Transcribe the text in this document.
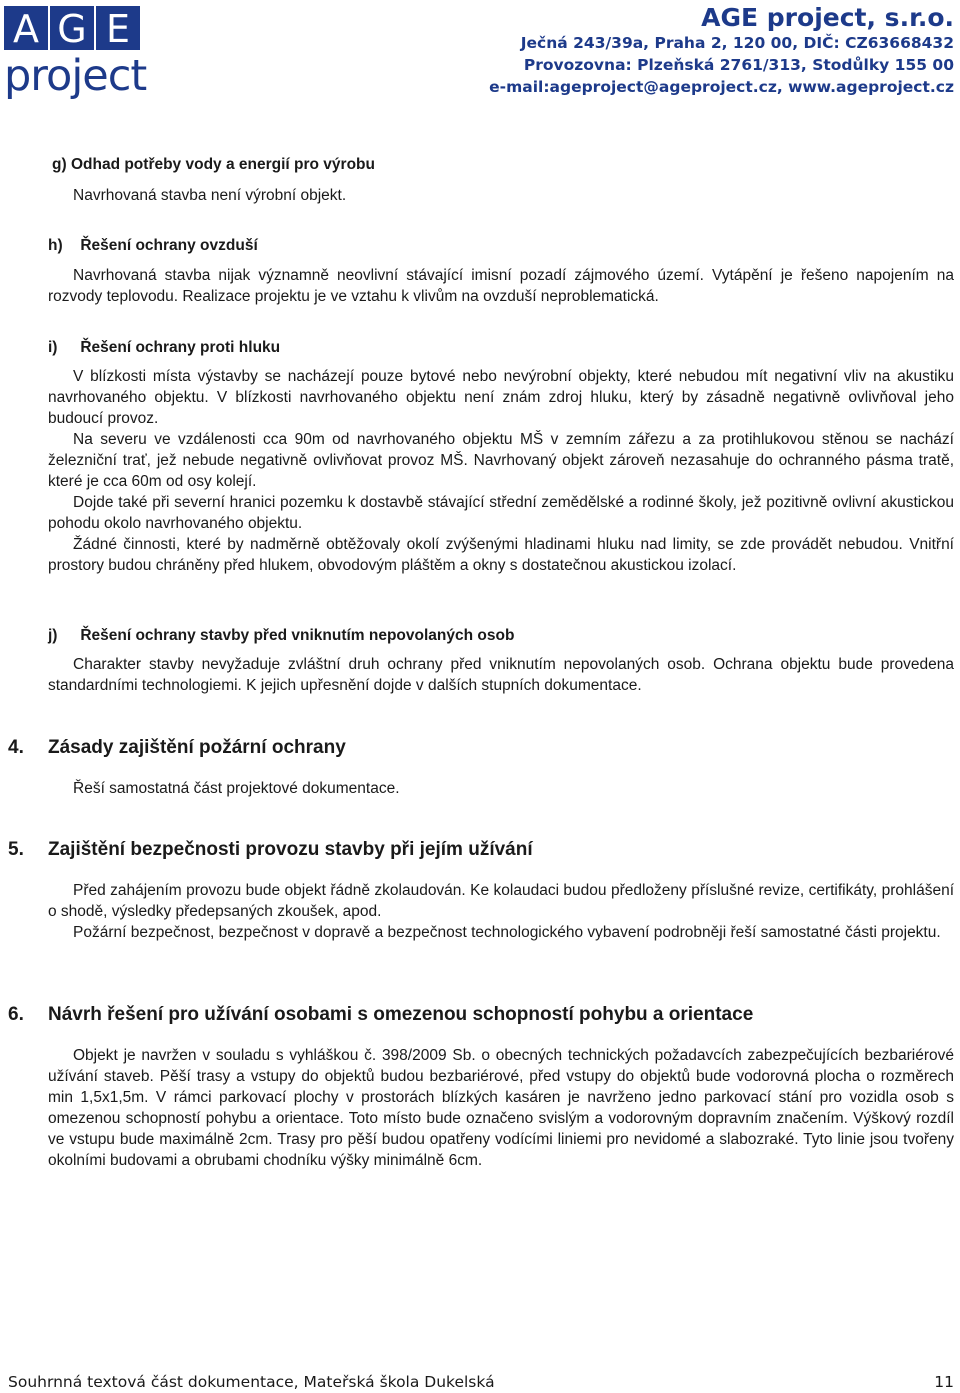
A G E
project
AGE project, s.r.o.
Ječná 243/39a, Praha 2, 120 00, DIČ: CZ63668432
Provozovna: Plzeňská 2761/313, Stodůlky 155 00
e-mail:ageproject@ageproject.cz, www.ageproject.cz
g) Odhad potřeby vody a energií pro výrobu

Navrhovaná stavba není výrobní objekt.

h) Řešení ochrany ovzduší

Navrhovaná stavba nijak významně neovlivní stávající imisní pozadí zájmového území. Vytápění je řešeno napojením na rozvody teplovodu. Realizace projektu je ve vztahu k vlivům na ovzduší neproblematická.

i) Řešení ochrany proti hluku

V blízkosti místa výstavby se nacházejí pouze bytové nebo nevýrobní objekty, které nebudou mít negativní vliv na akustiku navrhovaného objektu. V blízkosti navrhovaného objektu není znám zdroj hluku, který by zásadně negativně ovlivňoval jeho budoucí provoz.

Na severu ve vzdálenosti cca 90m od navrhovaného objektu MŠ v zemním zářezu a za protihlukovou stěnou se nachází železniční trať, jež nebude negativně ovlivňovat provoz MŠ. Navrhovaný objekt zároveň nezasahuje do ochranného pásma tratě, které je cca 60m od osy kolejí.

Dojde také při severní hranici pozemku k dostavbě stávající střední zemědělské a rodinné školy, jež pozitivně ovlivní akustickou pohodu okolo navrhovaného objektu.

Žádné činnosti, které by nadměrně obtěžovaly okolí zvýšenými hladinami hluku nad limity, se zde provádět nebudou. Vnitřní prostory budou chráněny před hlukem, obvodovým pláštěm a okny s dostatečnou akustickou izolací.

j) Řešení ochrany stavby před vniknutím nepovolaných osob

Charakter stavby nevyžaduje zvláštní druh ochrany před vniknutím nepovolaných osob. Ochrana objektu bude provedena standardními technologiemi. K jejich upřesnění dojde v dalších stupních dokumentace.

4. Zásady zajištění požární ochrany

Řeší samostatná část projektové dokumentace.

5. Zajištění bezpečnosti provozu stavby při jejím užívání

Před zahájením provozu bude objekt řádně zkolaudován. Ke kolaudaci budou předloženy příslušné revize, certifikáty, prohlášení o shodě, výsledky předepsaných zkoušek, apod.

Požární bezpečnost, bezpečnost v dopravě a bezpečnost technologického vybavení podrobněji řeší samostatné části projektu.

6. Návrh řešení pro užívání osobami s omezenou schopností pohybu a orientace

Objekt je navržen v souladu s vyhláškou č. 398/2009 Sb. o obecných technických požadavcích zabezpečujících bezbariérové užívání staveb. Pěší trasy a vstupy do objektů budou bezbariérové, před vstupy do objektů bude vodorovná plocha o rozměrech min 1,5x1,5m. V rámci parkovací plochy v prostorách blízkých kasáren je navrženo jedno parkovací stání pro vozidla osob s omezenou schopností pohybu a orientace. Toto místo bude označeno svislým a vodorovným dopravním značením. Výškový rozdíl ve vstupu bude maximálně 2cm. Trasy pro pěší budou opatřeny vodícími liniemi pro nevidomé a slabozraké. Tyto linie jsou tvořeny okolními budovami a obrubami chodníku výšky minimálně 6cm.

Souhrnná textová část dokumentace, Mateřská škola Dukelská	11
